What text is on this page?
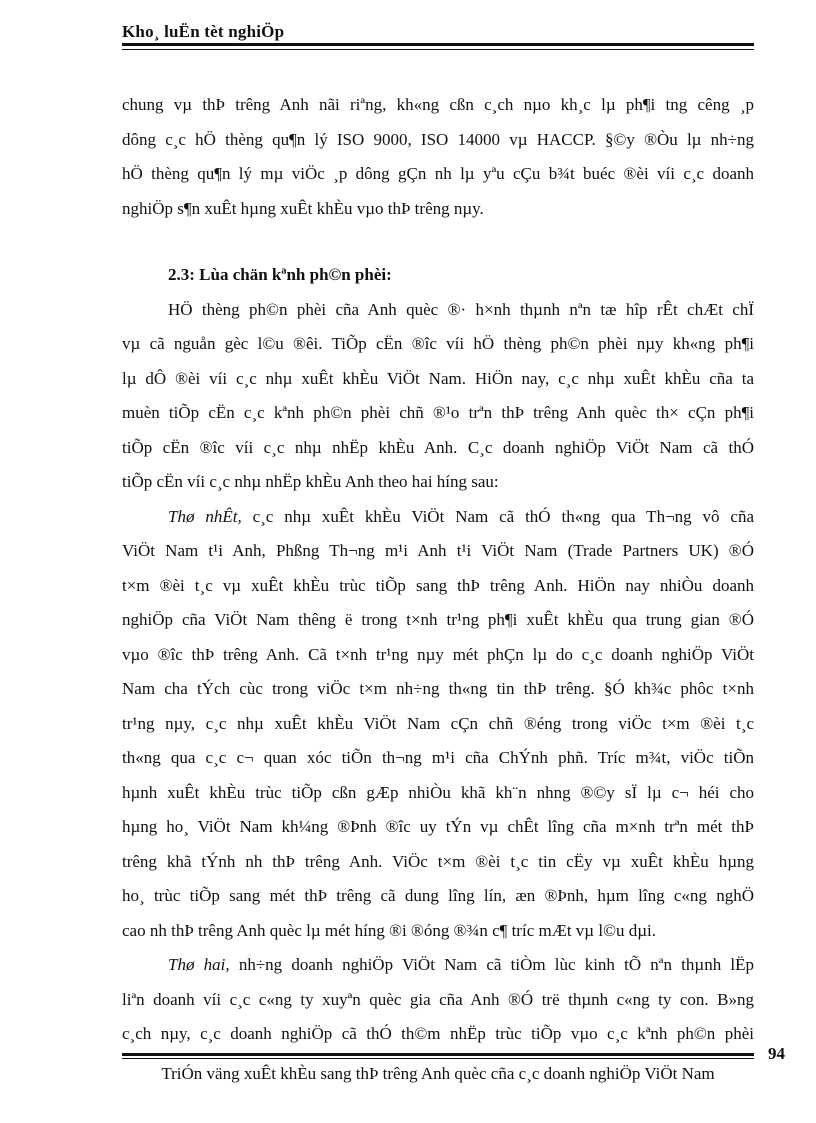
Kho¸ luËn tèt nghiÖp
chung vµ thÞ trêng Anh nãi riªng, kh«ng cßn c¸ch nµo kh¸c lµ ph¶i tng cêng ¸p
dông c¸c hÖ thèng qu¶n lý ISO 9000, ISO 14000 vµ HACCP. §©y ®Òu lµ nh÷ng
hÖ thèng qu¶n lý mµ viÖc ¸p dông gÇn nh lµ yªu cÇu b¾t buéc ®èi víi c¸c doanh
nghiÖp s¶n xuÊt hµng xuÊt khÈu vµo thÞ trêng nµy.
2.3: Lùa chän kªnh ph©n phèi:
HÖ thèng ph©n phèi cña Anh quèc ®· h×nh thµnh nªn tæ hîp rÊt chÆt chÏ
vµ cã nguån gèc l©u ®êi. TiÕp cËn ®îc víi hÖ thèng ph©n phèi nµy kh«ng ph¶i
lµ dÔ ®èi víi c¸c nhµ xuÊt khÈu ViÖt Nam. HiÖn nay, c¸c nhµ xuÊt khÈu cña ta
muèn tiÕp cËn c¸c kªnh ph©n phèi chñ ®¹o trªn thÞ trêng Anh quèc th× cÇn ph¶i
tiÕp cËn ®îc víi c¸c nhµ nhËp khÈu Anh. C¸c doanh nghiÖp ViÖt Nam cã thÓ
tiÕp cËn víi c¸c nhµ nhËp khÈu Anh theo hai híng sau:
Thø nhÊt, c¸c nhµ xuÊt khÈu ViÖt Nam cã thÓ th«ng qua Th¬ng vô cña
ViÖt Nam t¹i Anh, Phßng Th¬ng m¹i Anh t¹i ViÖt Nam (Trade Partners UK) ®Ó
t×m ®èi t¸c vµ xuÊt khÈu trùc tiÕp sang thÞ trêng Anh. HiÖn nay nhiÒu doanh
nghiÖp cña ViÖt Nam thêng ë trong t×nh tr¹ng ph¶i xuÊt khÈu qua trung gian ®Ó
vµo ®îc thÞ trêng Anh. Cã t×nh tr¹ng nµy mét phÇn lµ do c¸c doanh nghiÖp ViÖt
Nam cha tÝch cùc trong viÖc t×m nh÷ng th«ng tin thÞ trêng. §Ó kh¾c phôc t×nh
tr¹ng nµy, c¸c nhµ xuÊt khÈu ViÖt Nam cÇn chñ ®éng trong viÖc t×m ®èi t¸c
th«ng qua c¸c c¬ quan xóc tiÕn th¬ng m¹i cña ChÝnh phñ. Tríc m¾t, viÖc tiÕn
hµnh xuÊt khÈu trùc tiÕp cßn gÆp nhiÒu khã kh¨n nhng ®©y sÏ lµ c¬ héi cho
hµng ho¸ ViÖt Nam kh¼ng ®Þnh ®îc uy tÝn vµ chÊt lîng cña m×nh trªn mét thÞ
trêng khã tÝnh nh thÞ trêng Anh. ViÖc t×m ®èi t¸c tin cËy vµ xuÊt khÈu hµng
ho¸ trùc tiÕp sang mét thÞ trêng cã dung lîng lín, æn ®Þnh, hµm lîng c«ng nghÖ
cao nh thÞ trêng Anh quèc lµ mét híng ®i ®óng ®¾n c¶ tríc mÆt vµ l©u dµi.
Thø hai, nh÷ng doanh nghiÖp ViÖt Nam cã tiÒm lùc kinh tÕ nªn thµnh lËp
liªn doanh víi c¸c c«ng ty xuyªn quèc gia cña Anh ®Ó trë thµnh c«ng ty con. B»ng
c¸ch nµy, c¸c doanh nghiÖp cã thÓ th©m nhËp trùc tiÕp vµo c¸c kªnh ph©n phèi
94
TriÓn väng xuÊt khÈu sang thÞ trêng Anh quèc cña c¸c doanh nghiÖp ViÖt Nam
